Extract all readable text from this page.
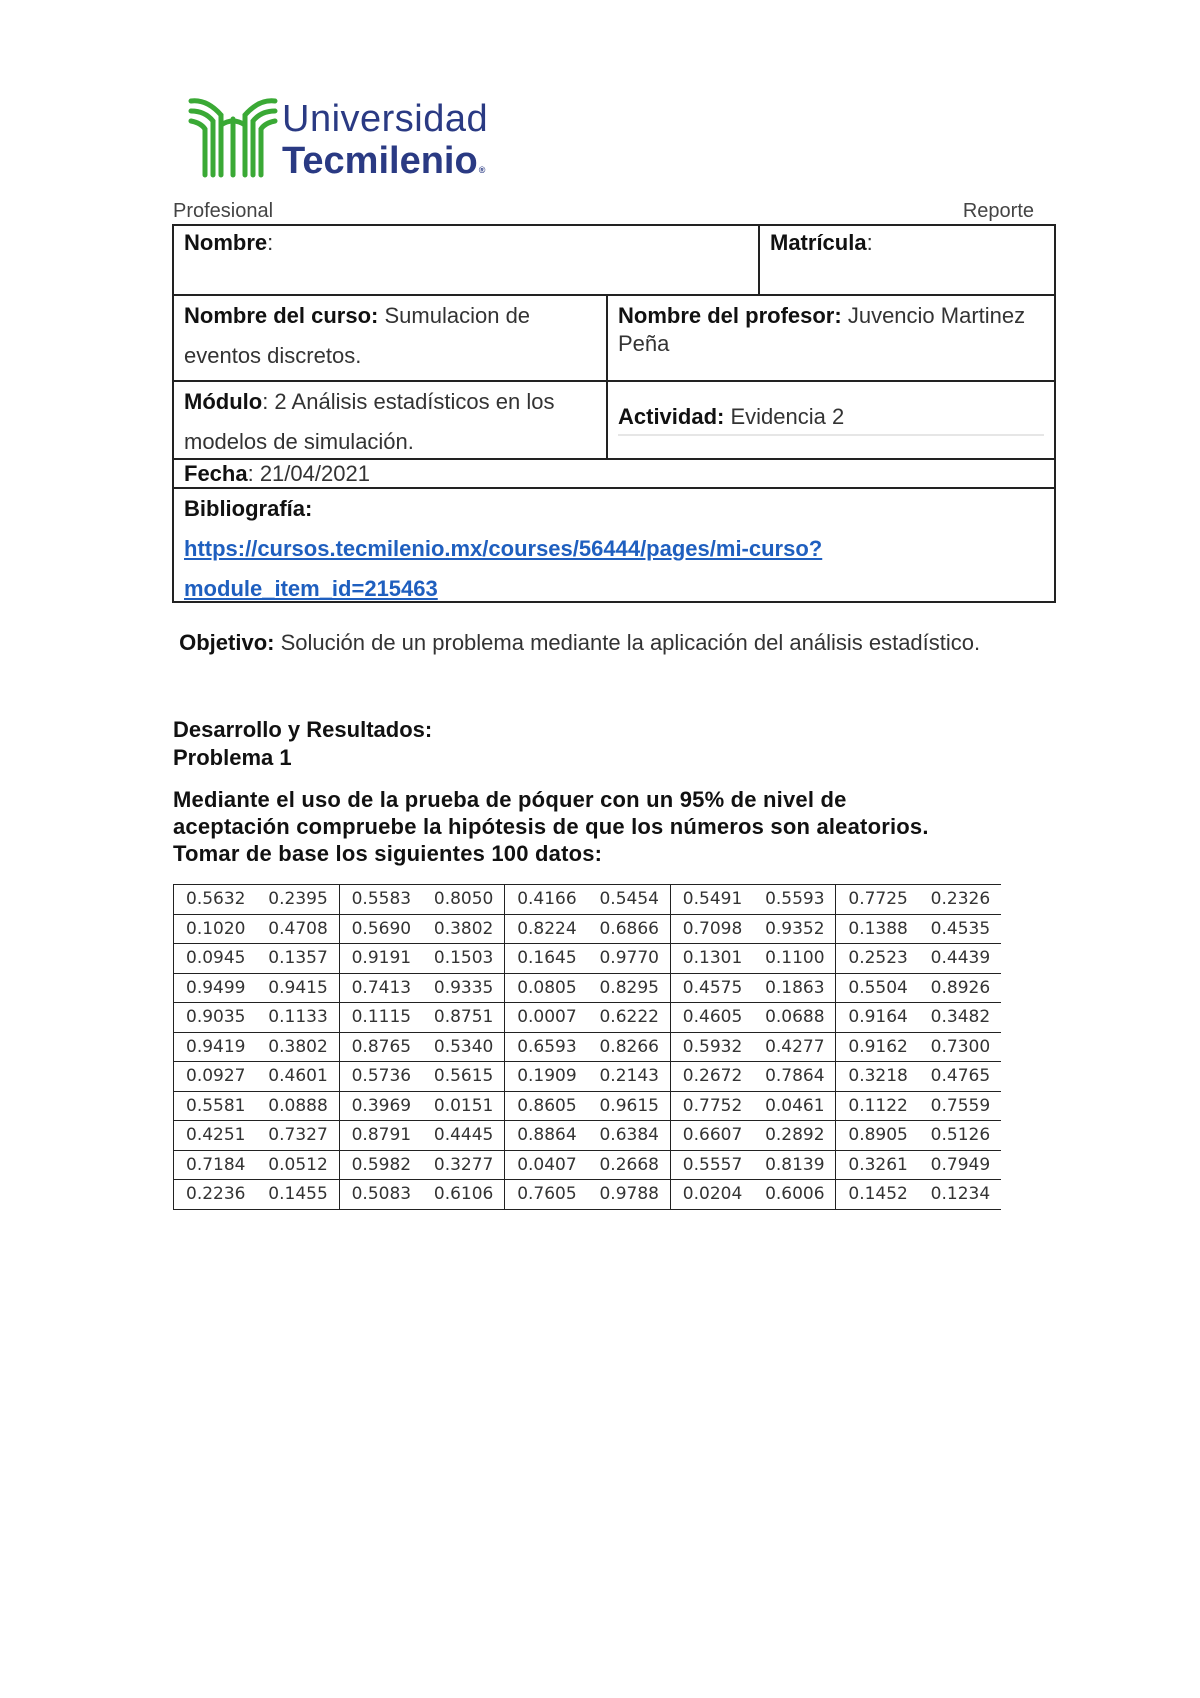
Universidad
Tecmilenio®
Profesional	Reporte
Nombre:	Matrícula:
Nombre del curso: Sumulacion de eventos discretos.
Nombre del profesor: Juvencio Martinez Peña
Módulo: 2 Análisis estadísticos en los modelos de simulación.
Actividad: Evidencia 2
Fecha: 21/04/2021
Bibliografía:
https://cursos.tecmilenio.mx/courses/56444/pages/mi-curso?
module_item_id=215463
Objetivo: Solución de un problema mediante la aplicación del análisis estadístico.
Desarrollo y Resultados:
Problema 1
Mediante el uso de la prueba de póquer con un 95% de nivel de
aceptación compruebe la hipótesis de que los números son aleatorios.
Tomar de base los siguientes 100 datos:
0.5632	0.2395	0.5583	0.8050	0.4166	0.5454	0.5491	0.5593	0.7725	0.2326
0.1020	0.4708	0.5690	0.3802	0.8224	0.6866	0.7098	0.9352	0.1388	0.4535
0.0945	0.1357	0.9191	0.1503	0.1645	0.9770	0.1301	0.1100	0.2523	0.4439
0.9499	0.9415	0.7413	0.9335	0.0805	0.8295	0.4575	0.1863	0.5504	0.8926
0.9035	0.1133	0.1115	0.8751	0.0007	0.6222	0.4605	0.0688	0.9164	0.3482
0.9419	0.3802	0.8765	0.5340	0.6593	0.8266	0.5932	0.4277	0.9162	0.7300
0.0927	0.4601	0.5736	0.5615	0.1909	0.2143	0.2672	0.7864	0.3218	0.4765
0.5581	0.0888	0.3969	0.0151	0.8605	0.9615	0.7752	0.0461	0.1122	0.7559
0.4251	0.7327	0.8791	0.4445	0.8864	0.6384	0.6607	0.2892	0.8905	0.5126
0.7184	0.0512	0.5982	0.3277	0.0407	0.2668	0.5557	0.8139	0.3261	0.7949
0.2236	0.1455	0.5083	0.6106	0.7605	0.9788	0.0204	0.6006	0.1452	0.1234
